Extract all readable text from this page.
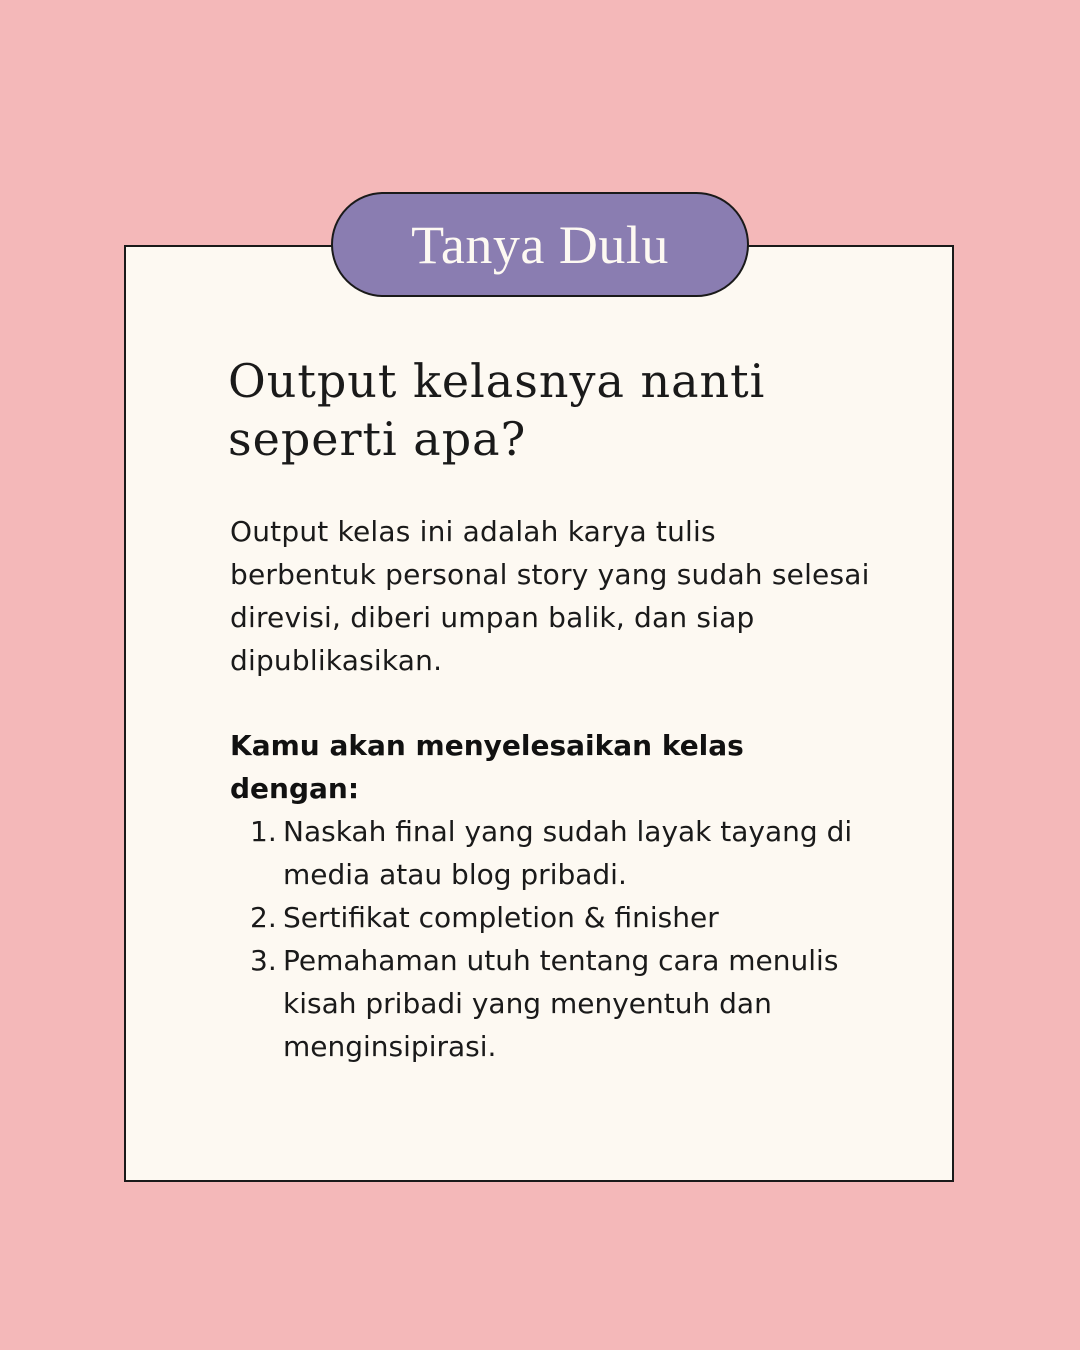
Tanya Dulu
Output kelasnya nanti seperti apa?

Output kelas ini adalah karya tulis berbentuk personal story yang sudah selesai direvisi, diberi umpan balik, dan siap dipublikasikan.

Kamu akan menyelesaikan kelas dengan:

1. Naskah final yang sudah layak tayang di media atau blog pribadi.
2. Sertifikat completion & finisher
3. Pemahaman utuh tentang cara menulis kisah pribadi yang menyentuh dan menginsipirasi.
